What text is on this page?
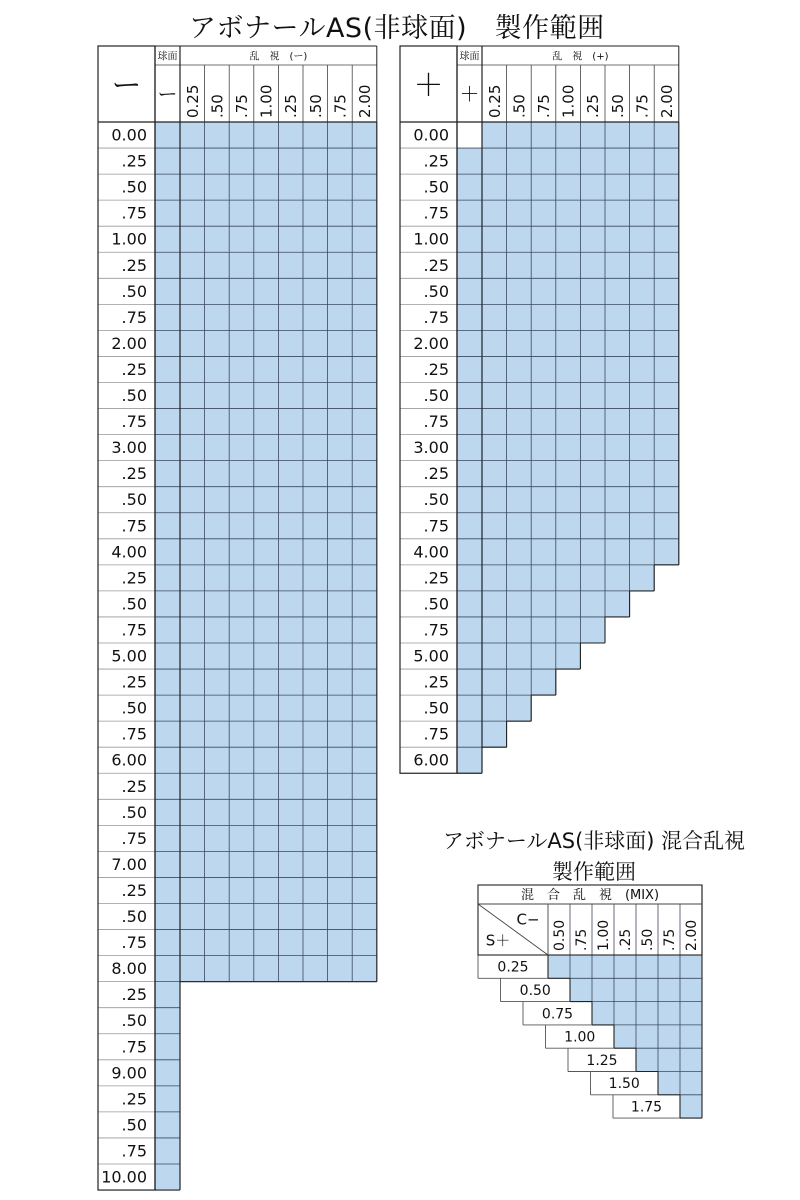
アボナールAS(非球面)　製作範囲
アボナールAS(非球面) 混合乱視
製作範囲
ー
球面
ー
乱　視　(ー)
0.25 .50 .75 1.00 .25 .50 .75 2.00
0.00
.25
.50
.75
1.00
.25
.50
.75
2.00
.25
.50
.75
3.00
.25
.50
.75
4.00
.25
.50
.75
5.00
.25
.50
.75
6.00
.25
.50
.75
7.00
.25
.50
.75
8.00
.25
.50
.75
9.00
.25
.50
.75
10.00
＋
球面
＋
乱　視　(+)
0.25 .50 .75 1.00 .25 .50 .75 2.00
0.00
.25
.50
.75
1.00
.25
.50
.75
2.00
.25
.50
.75
3.00
.25
.50
.75
4.00
.25
.50
.75
5.00
.25
.50
.75
6.00
0.25
0.50
0.75
1.00
1.25
1.50
1.75
混　合　乱　視　(MIX)
C−
S＋	0.50 .75 1.00 .25 .50 .75 2.00
